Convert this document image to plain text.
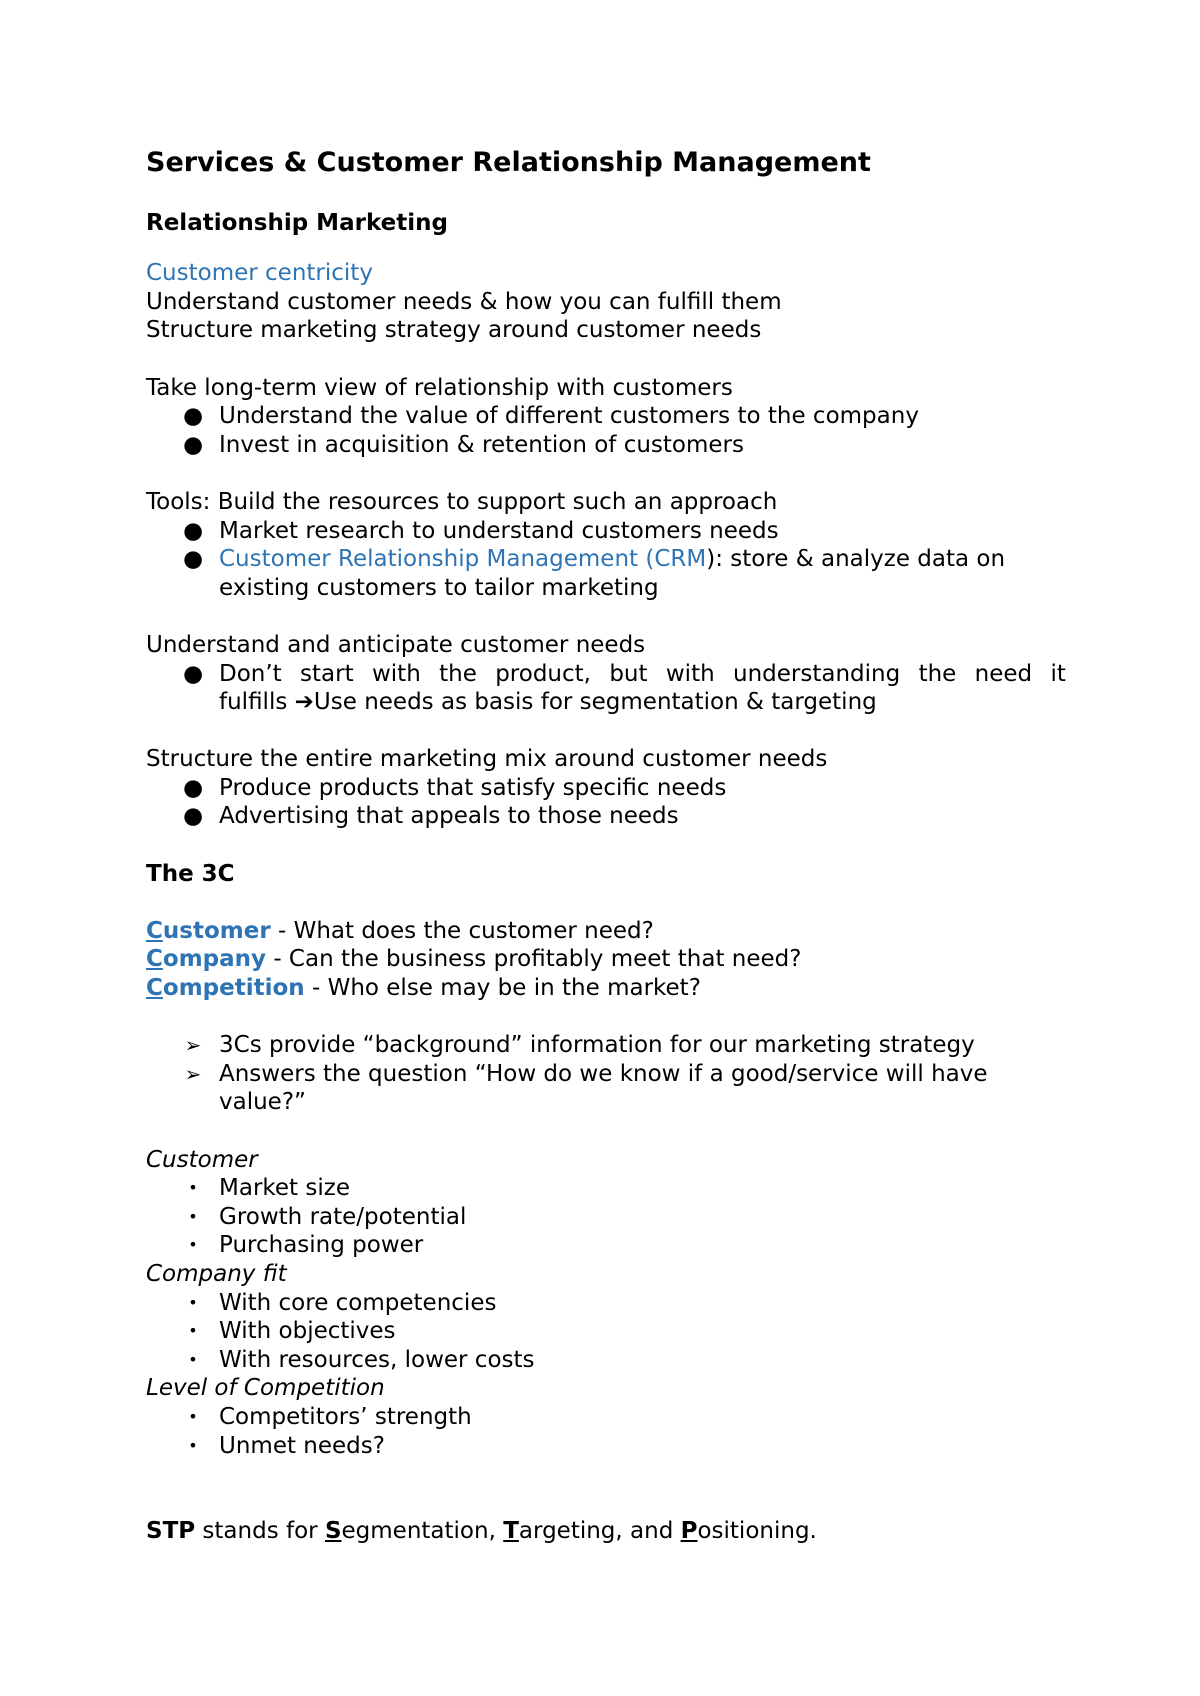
Services & Customer Relationship Management
Relationship Marketing
Customer centricity
Understand customer needs & how you can fulfill them
Structure marketing strategy around customer needs
Take long-term view of relationship with customers
● Understand the value of different customers to the company
● Invest in acquisition & retention of customers
Tools: Build the resources to support such an approach
● Market research to understand customers needs
● Customer Relationship Management (CRM): store & analyze data on
existing customers to tailor marketing
Understand and anticipate customer needs
● Don’t start with the product, but with understanding the need it
fulfills ➔Use needs as basis for segmentation & targeting
Structure the entire marketing mix around customer needs
● Produce products that satisfy specific needs
● Advertising that appeals to those needs
The 3C
Customer - What does the customer need?
Company - Can the business profitably meet that need?
Competition - Who else may be in the market?
➢ 3Cs provide “background” information for our marketing strategy
➢ Answers the question “How do we know if a good/service will have value?”
Customer
• Market size
• Growth rate/potential
• Purchasing power
Company fit
• With core competencies
• With objectives
• With resources, lower costs
Level of Competition
• Competitors’ strength
• Unmet needs?
STP stands for Segmentation, Targeting, and Positioning.
